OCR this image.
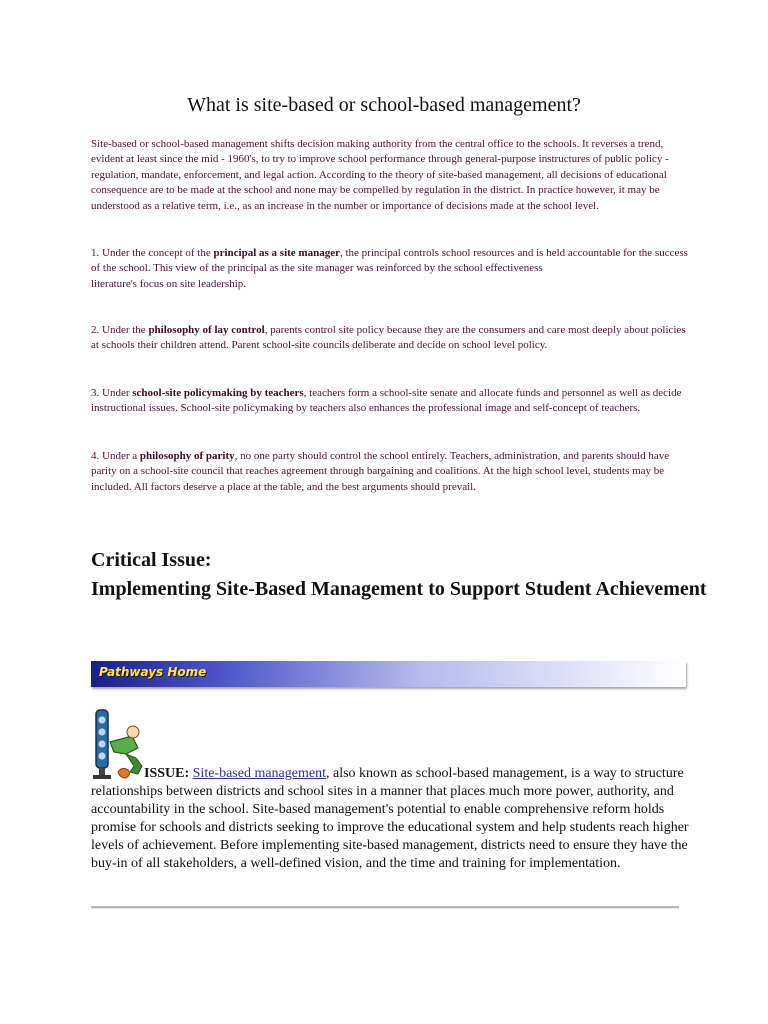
What is site-based or school-based management?

Site-based or school-based management shifts decision making authority from the central office to the schools. It reverses a trend, evident at least since the mid - 1960's, to try to improve school performance through general-purpose instructures of public policy - regulation, mandate, enforcement, and legal action. According to the theory of site-based management, all decisions of educational consequence are to be made at the school and none may be compelled by regulation in the district. In practice however, it may be understood as a relative term, i.e., as an increase in the number or importance of decisions made at the school level.

1. Under the concept of the principal as a site manager, the principal controls school resources and is held accountable for the success of the school. This view of the principal as the site manager was reinforced by the school effectiveness
literature's focus on site leadership.

2. Under the philosophy of lay control, parents control site policy because they are the consumers and care most deeply about policies at schools their children attend. Parent school-site councils deliberate and decide on school level policy.

3. Under school-site policymaking by teachers, teachers form a school-site senate and allocate funds and personnel as well as decide instructional issues. School-site policymaking by teachers also enhances the professional image and self-concept of teachers.

4. Under a philosophy of parity, no one party should control the school entirely. Teachers, administration, and parents should have parity on a school-site council that reaches agreement through bargaining and coalitions. At the high school level, students may be included. All factors deserve a place at the table, and the best arguments should prevail.

Critical Issue:
Implementing Site-Based Management to Support Student Achievement
Pathways Home

ISSUE: Site-based management, also known as school-based management, is a way to structure relationships between districts and school sites in a manner that places much more power, authority, and accountability in the school. Site-based management's potential to enable comprehensive reform holds promise for schools and districts seeking to improve the educational system and help students reach higher levels of achievement. Before implementing site-based management, districts need to ensure they have the buy-in of all stakeholders, a well-defined vision, and the time and training for implementation.
